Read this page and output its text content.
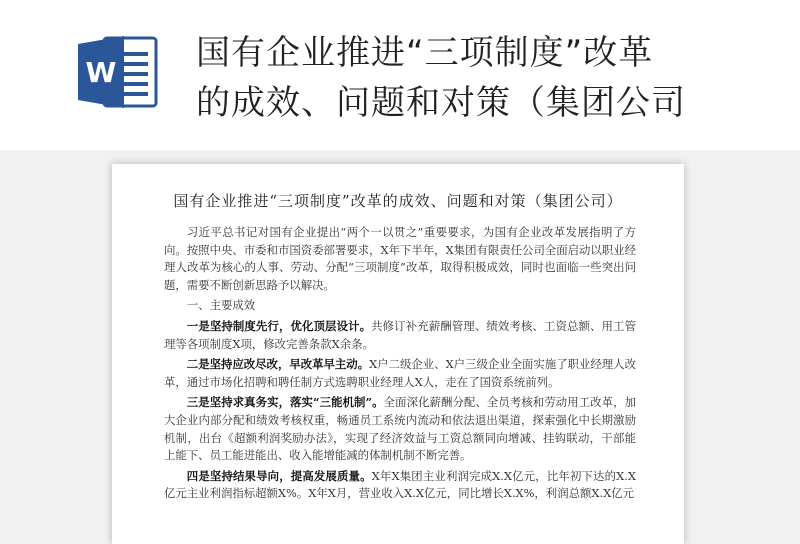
W 国有企业推进“三项制度”改革
的成效、问题和对策（集团公司
国有企业推进“三项制度”改革的成效、问题和对策（集团公司）

习近平总书记对国有企业提出“两个一以贯之”重要要求，为国有企业改革发展指明了方向。按照中央、市委和市国资委部署要求，X年下半年，X集团有限责任公司全面启动以职业经理人改革为核心的人事、劳动、分配“三项制度”改革，取得积极成效，同时也面临一些突出问题，需要不断创新思路予以解决。

一、主要成效

一是坚持制度先行，优化顶层设计。共修订补充薪酬管理、绩效考核、工资总额、用工管理等各项制度X项，修改完善条款X余条。

二是坚持应改尽改，早改革早主动。X户二级企业、X户三级企业全面实施了职业经理人改革，通过市场化招聘和聘任制方式选聘职业经理人X人，走在了国资系统前列。

三是坚持求真务实，落实“三能机制”。全面深化薪酬分配、全员考核和劳动用工改革，加大企业内部分配和绩效考核权重，畅通员工系统内流动和依法退出渠道，探索强化中长期激励机制，出台《超额利润奖励办法》，实现了经济效益与工资总额同向增减、挂钩联动，干部能上能下、员工能进能出、收入能增能减的体制机制不断完善。

四是坚持结果导向，提高发展质量。X年X集团主业利润完成X.X亿元，比年初下达的X.X亿元主业利润指标超额X%。X年X月，营业收入X.X亿元，同比增长X.X%，利润总额X.X亿元
